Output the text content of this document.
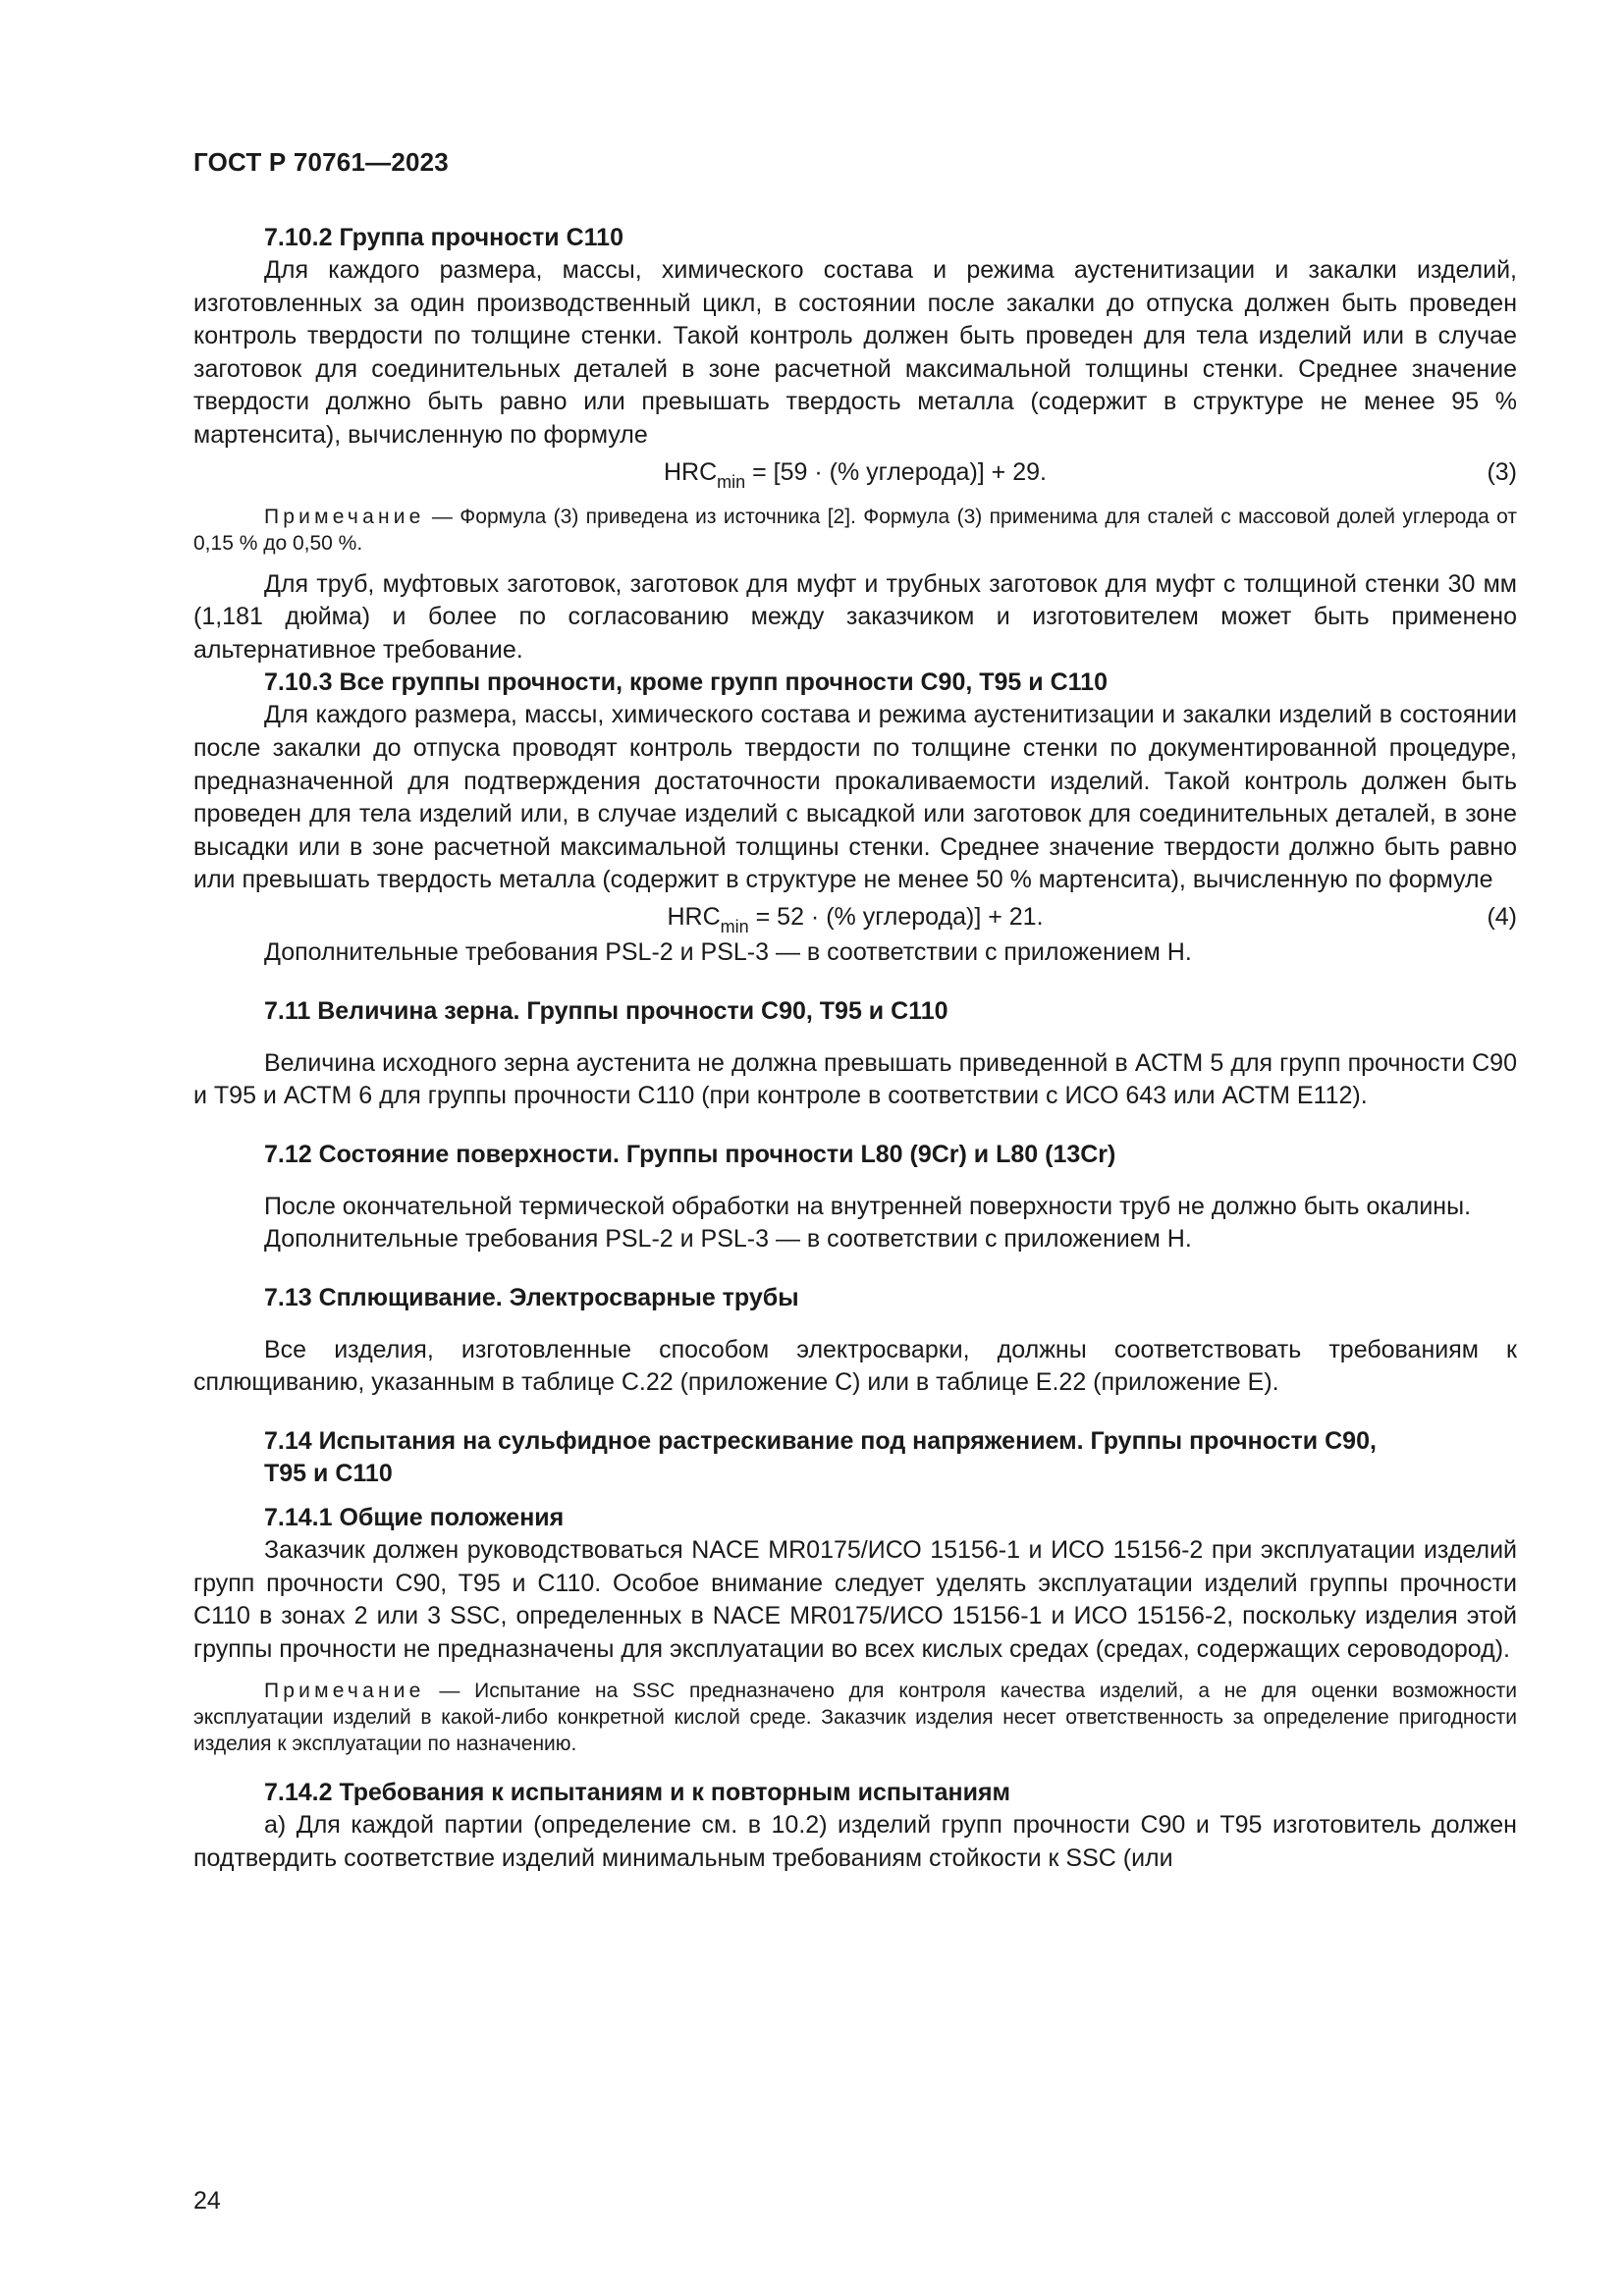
ГОСТ Р 70761—2023

7.10.2 Группа прочности C110

Для каждого размера, массы, химического состава и режима аустенитизации и закалки изделий, изготовленных за один производственный цикл, в состоянии после закалки до отпуска должен быть проведен контроль твердости по толщине стенки. Такой контроль должен быть проведен для тела изделий или в случае заготовок для соединительных деталей в зоне расчетной максимальной толщины стенки. Среднее значение твердости должно быть равно или превышать твердость металла (содержит в структуре не менее 95 % мартенсита), вычисленную по формуле

$HRC_{min} = [59$ · (% углерода)] + 29.	(3)

Примечание — Формула (3) приведена из источника [2]. Формула (3) применима для сталей с массовой долей углерода от 0,15 % до 0,50 %.

Для труб, муфтовых заготовок, заготовок для муфт и трубных заготовок для муфт с толщиной стенки 30 мм (1,181 дюйма) и более по согласованию между заказчиком и изготовителем может быть применено альтернативное требование.

7.10.3 Все группы прочности, кроме групп прочности C90, T95 и C110

Для каждого размера, массы, химического состава и режима аустенитизации и закалки изделий в состоянии после закалки до отпуска проводят контроль твердости по толщине стенки по документированной процедуре, предназначенной для подтверждения достаточности прокаливаемости изделий. Такой контроль должен быть проведен для тела изделий или, в случае изделий с высадкой или заготовок для соединительных деталей, в зоне высадки или в зоне расчетной максимальной толщины стенки. Среднее значение твердости должно быть равно или превышать твердость металла (содержит в структуре не менее 50 % мартенсита), вычисленную по формуле

$HRC_{min} = 52$ · (% углерода)] + 21.	(4)

Дополнительные требования PSL-2 и PSL-3 — в соответствии с приложением H.

7.11 Величина зерна. Группы прочности C90, T95 и C110

Величина исходного зерна аустенита не должна превышать приведенной в АСТМ 5 для групп прочности C90 и T95 и АСТМ 6 для группы прочности C110 (при контроле в соответствии с ИСО 643 или АСТМ E112).

7.12 Состояние поверхности. Группы прочности L80 (9Cr) и L80 (13Cr)

После окончательной термической обработки на внутренней поверхности труб не должно быть окалины.

Дополнительные требования PSL-2 и PSL-3 — в соответствии с приложением H.

7.13 Сплющивание. Электросварные трубы

Все изделия, изготовленные способом электросварки, должны соответствовать требованиям к сплющиванию, указанным в таблице C.22 (приложение C) или в таблице E.22 (приложение E).

7.14 Испытания на сульфидное растрескивание под напряжением. Группы прочности C90,

T95 и C110

7.14.1 Общие положения

Заказчик должен руководствоваться NACE MR0175/ИСО 15156-1 и ИСО 15156-2 при эксплуатации изделий групп прочности C90, T95 и C110. Особое внимание следует уделять эксплуатации изделий группы прочности C110 в зонах 2 или 3 SSC, определенных в NACE MR0175/ИСО 15156-1 и ИСО 15156-2, поскольку изделия этой группы прочности не предназначены для эксплуатации во всех кислых средах (средах, содержащих сероводород).

Примечание — Испытание на SSC предназначено для контроля качества изделий, а не для оценки возможности эксплуатации изделий в какой-либо конкретной кислой среде. Заказчик изделия несет ответственность за определение пригодности изделия к эксплуатации по назначению.

7.14.2 Требования к испытаниям и к повторным испытаниям

а) Для каждой партии (определение см. в 10.2) изделий групп прочности C90 и T95 изготовитель должен подтвердить соответствие изделий минимальным требованиям стойкости к SSC (или

24
